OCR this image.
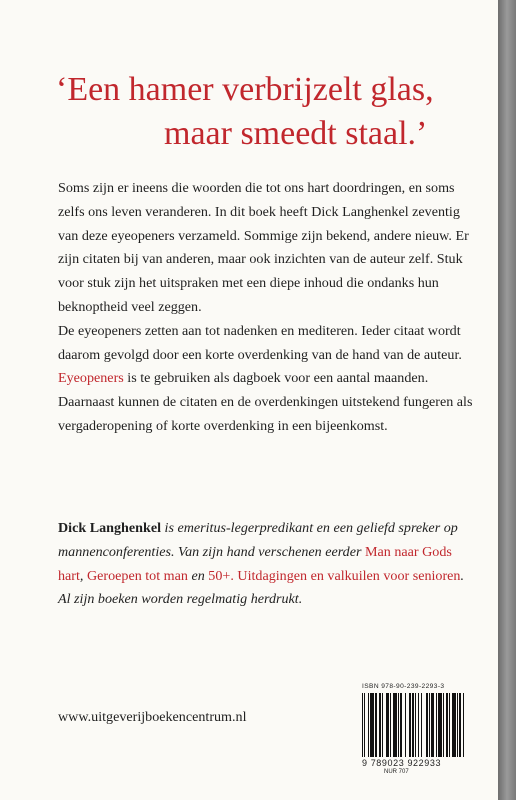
‘Een hamer verbrijzelt glas,
maar smeedt staal.’

Soms zijn er ineens die woorden die tot ons hart doordringen, en soms zelfs ons leven veranderen. In dit boek heeft Dick Langhenkel zeventig van deze eyeopeners verzameld. Sommige zijn bekend, andere nieuw. Er zijn citaten bij van anderen, maar ook inzichten van de auteur zelf. Stuk voor stuk zijn het uitspraken met een diepe inhoud die ondanks hun beknoptheid veel zeggen.

De eyeopeners zetten aan tot nadenken en mediteren. Ieder citaat wordt daarom gevolgd door een korte overdenking van de hand van de auteur.

Eyeopeners is te gebruiken als dagboek voor een aantal maanden. Daarnaast kunnen de citaten en de overdenkingen uitstekend fungeren als vergaderopening of korte overdenking in een bijeenkomst.

Dick Langhenkel is emeritus-legerpredikant en een geliefd spreker op mannenconferenties. Van zijn hand verschenen eerder Man naar Gods hart, Geroepen tot man en 50+. Uitdagingen en valkuilen voor senioren. Al zijn boeken worden regelmatig herdrukt.

www.uitgeverijboekencentrum.nl
ISBN 978-90-239-2293-3
9 789023 922933
NUR 707
